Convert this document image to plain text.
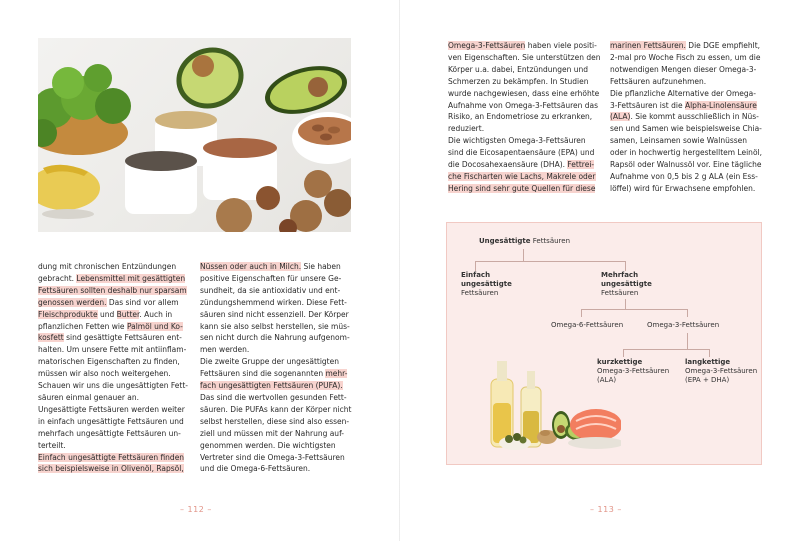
dung mit chronischen Entzündungen

gebracht. Lebensmittel mit gesättigten

Fettsäuren sollten deshalb nur sparsam

genossen werden. Das sind vor allem

Fleischprodukte und Butter. Auch in

pflanzlichen Fetten wie Palmöl und Ko-

kosfett sind gesättigte Fettsäuren ent-

halten. Um unsere Fette mit antiinflam-

matorischen Eigenschaften zu finden,

müssen wir also noch weitergehen.

Schauen wir uns die ungesättigten Fett-

säuren einmal genauer an.

Ungesättigte Fettsäuren werden weiter

in einfach ungesättigte Fettsäuren und

mehrfach ungesättigte Fettsäuren un-

terteilt.

Einfach ungesättigte Fettsäuren finden

sich beispielsweise in Olivenöl, Rapsöl,

Nüssen oder auch in Milch. Sie haben

positive Eigenschaften für unsere Ge-

sundheit, da sie antioxidativ und ent-

zündungshemmend wirken. Diese Fett-

säuren sind nicht essenziell. Der Körper

kann sie also selbst herstellen, sie müs-

sen nicht durch die Nahrung aufgenom-

men werden.

Die zweite Gruppe der ungesättigten

Fettsäuren sind die sogenannten mehr-

fach ungesättigten Fettsäuren (PUFA).

Das sind die wertvollen gesunden Fett-

säuren. Die PUFAs kann der Körper nicht

selbst herstellen, diese sind also essen-

ziell und müssen mit der Nahrung auf-

genommen werden. Die wichtigsten

Vertreter sind die Omega-3-Fettsäuren

und die Omega-6-Fettsäuren.

– 112 –

Omega-3-Fettsäuren haben viele positi-

ven Eigenschaften. Sie unterstützen den

Körper u.a. dabei, Entzündungen und

Schmerzen zu bekämpfen. In Studien

wurde nachgewiesen, dass eine erhöhte

Aufnahme von Omega-3-Fettsäuren das

Risiko, an Endometriose zu erkranken,

reduziert.

Die wichtigsten Omega-3-Fettsäuren

sind die Eicosapentaensäure (EPA) und

die Docosahexaensäure (DHA). Fettrei-

che Fischarten wie Lachs, Makrele oder

Hering sind sehr gute Quellen für diese

marinen Fettsäuren. Die DGE empfiehlt,

2-mal pro Woche Fisch zu essen, um die

notwendigen Mengen dieser Omega-3-

Fettsäuren aufzunehmen.

Die pflanzliche Alternative der Omega-

3-Fettsäuren ist die Alpha-Linolensäure

(ALA). Sie kommt ausschließlich in Nüs-

sen und Samen wie beispielsweise Chia-

samen, Leinsamen sowie Walnüssen

oder in hochwertig hergestelltem Leinöl,

Rapsöl oder Walnussöl vor. Eine tägliche

Aufnahme von 0,5 bis 2 g ALA (ein Ess-

löffel) wird für Erwachsene empfohlen.

– 113 –
Ungesättigte Fettsäuren
Einfach
ungesättigte
Fettsäuren
Mehrfach
ungesättigte
Fettsäuren
Omega-6-Fettsäuren	Omega-3-Fettsäuren
kurzkettige
Omega-3-Fettsäuren
(ALA)
langkettige
Omega-3-Fettsäuren
(EPA + DHA)
